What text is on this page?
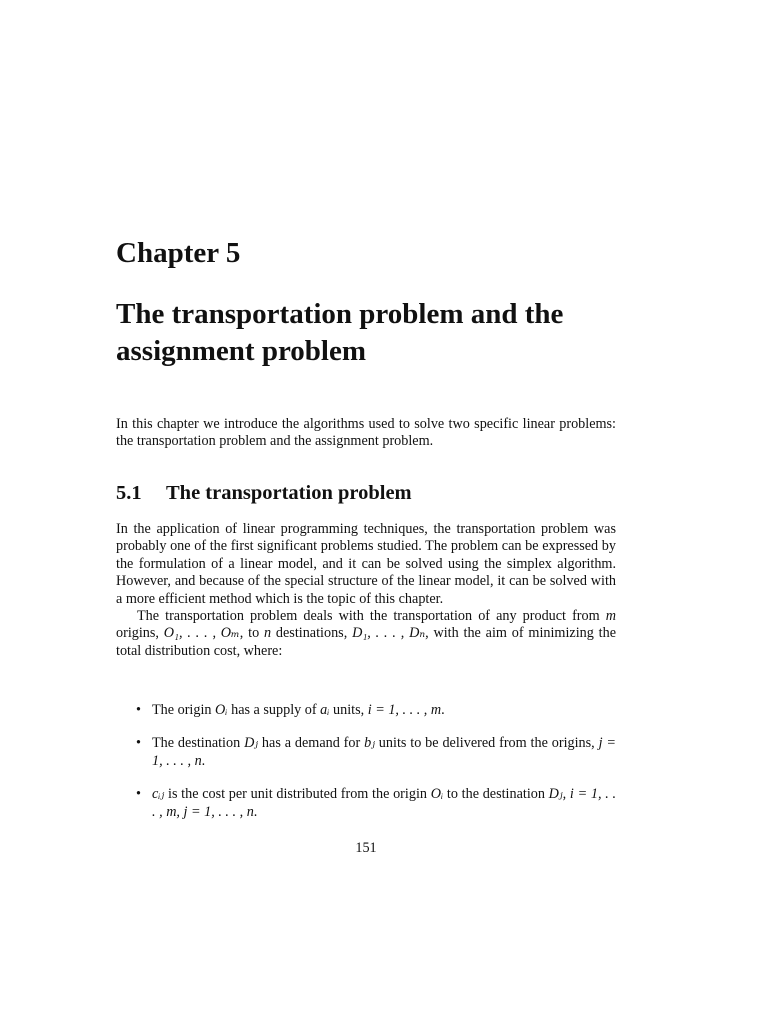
Chapter 5
The transportation problem and the assignment problem

In this chapter we introduce the algorithms used to solve two specific linear problems: the transportation problem and the assignment problem.

5.1 The transportation problem

In the application of linear programming techniques, the transportation problem was probably one of the first significant problems studied. The problem can be expressed by the formulation of a linear model, and it can be solved using the simplex algorithm. However, and because of the special structure of the linear model, it can be solved with a more efficient method which is the topic of this chapter.

The transportation problem deals with the transportation of any product from m origins, O₁, . . . , Oₘ, to n destinations, D₁, . . . , Dₙ, with the aim of minimizing the total distribution cost, where:

• The origin Oᵢ has a supply of aᵢ units, i = 1, . . . , m.
• The destination Dⱼ has a demand for bⱼ units to be delivered from the origins, j = 1, . . . , n.
• cᵢⱼ is the cost per unit distributed from the origin Oᵢ to the destination Dⱼ, i = 1, . . . , m, j = 1, . . . , n.
151
